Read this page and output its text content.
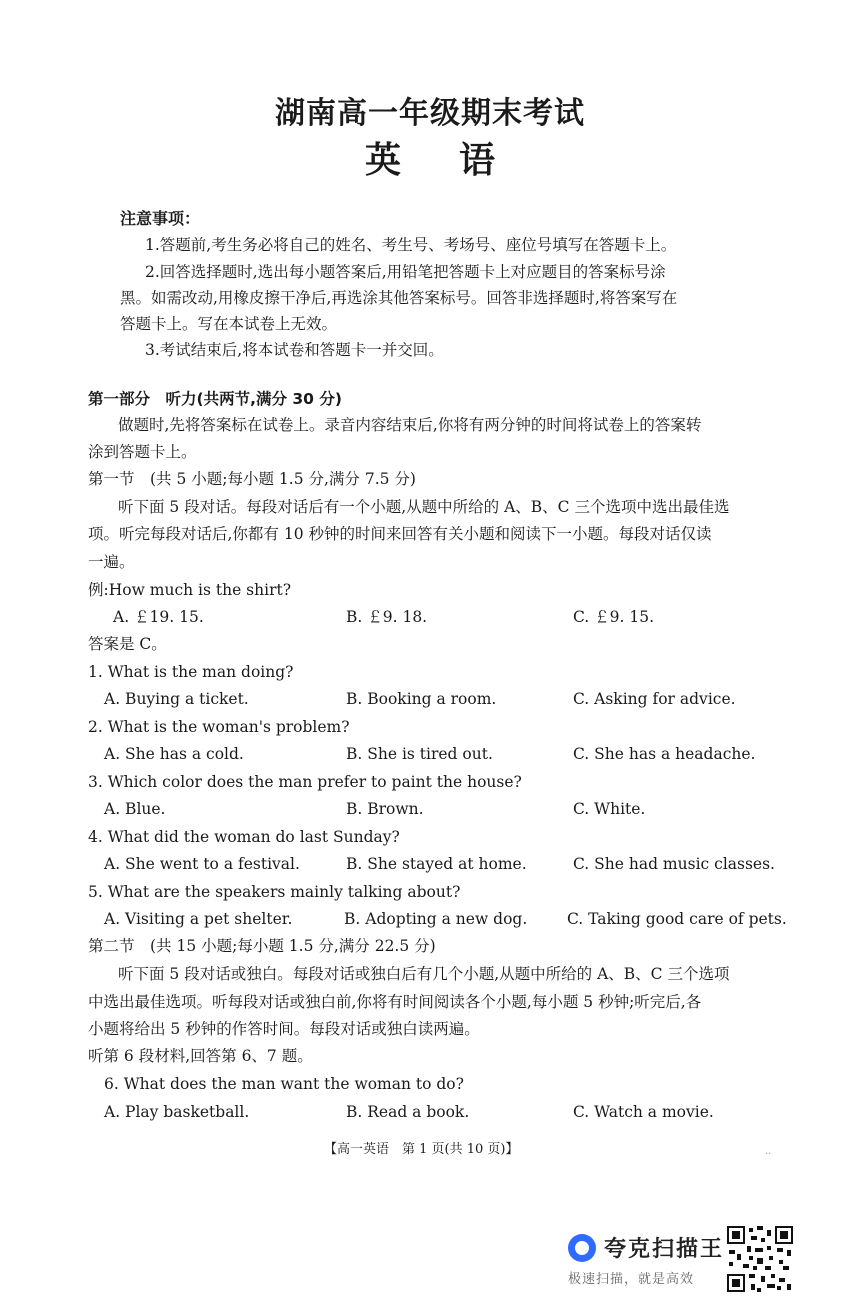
湖南高一年级期末考试
英语
注意事项：
1.答题前,考生务必将自己的姓名、考生号、考场号、座位号填写在答题卡上。
2.回答选择题时,选出每小题答案后,用铅笔把答题卡上对应题目的答案标号涂
黑。如需改动,用橡皮擦干净后,再选涂其他答案标号。回答非选择题时,将答案写在
答题卡上。写在本试卷上无效。
3.考试结束后,将本试卷和答题卡一并交回。
第一部分　听力(共两节,满分 30 分)
做题时,先将答案标在试卷上。录音内容结束后,你将有两分钟的时间将试卷上的答案转
涂到答题卡上。
第一节　(共 5 小题;每小题 1.5 分,满分 7.5 分)
听下面 5 段对话。每段对话后有一个小题,从题中所给的 A、B、C 三个选项中选出最佳选
项。听完每段对话后,你都有 10 秒钟的时间来回答有关小题和阅读下一小题。每段对话仅读
一遍。
例:How much is the shirt?
A. ￡19. 15.	B. ￡9. 18.	C. ￡9. 15.
答案是 C。
1. What is the man doing?
A. Buying a ticket.	B. Booking a room.	C. Asking for advice.
2. What is the woman's problem?
A. She has a cold.	B. She is tired out.	C. She has a headache.
3. Which color does the man prefer to paint the house?
A. Blue.	B. Brown.	C. White.
4. What did the woman do last Sunday?
A. She went to a festival.	B. She stayed at home.	C. She had music classes.
5. What are the speakers mainly talking about?
A. Visiting a pet shelter.	B. Adopting a new dog.	C. Taking good care of pets.
第二节　(共 15 小题;每小题 1.5 分,满分 22.5 分)
听下面 5 段对话或独白。每段对话或独白后有几个小题,从题中所给的 A、B、C 三个选项
中选出最佳选项。听每段对话或独白前,你将有时间阅读各个小题,每小题 5 秒钟;听完后,各
小题将给出 5 秒钟的作答时间。每段对话或独白读两遍。
听第 6 段材料,回答第 6、7 题。
6. What does the man want the woman to do?
A. Play basketball.	B. Read a book.	C. Watch a movie.
【高一英语　第 1 页(共 10 页)】	..
夸克扫描王
极速扫描，就是高效
